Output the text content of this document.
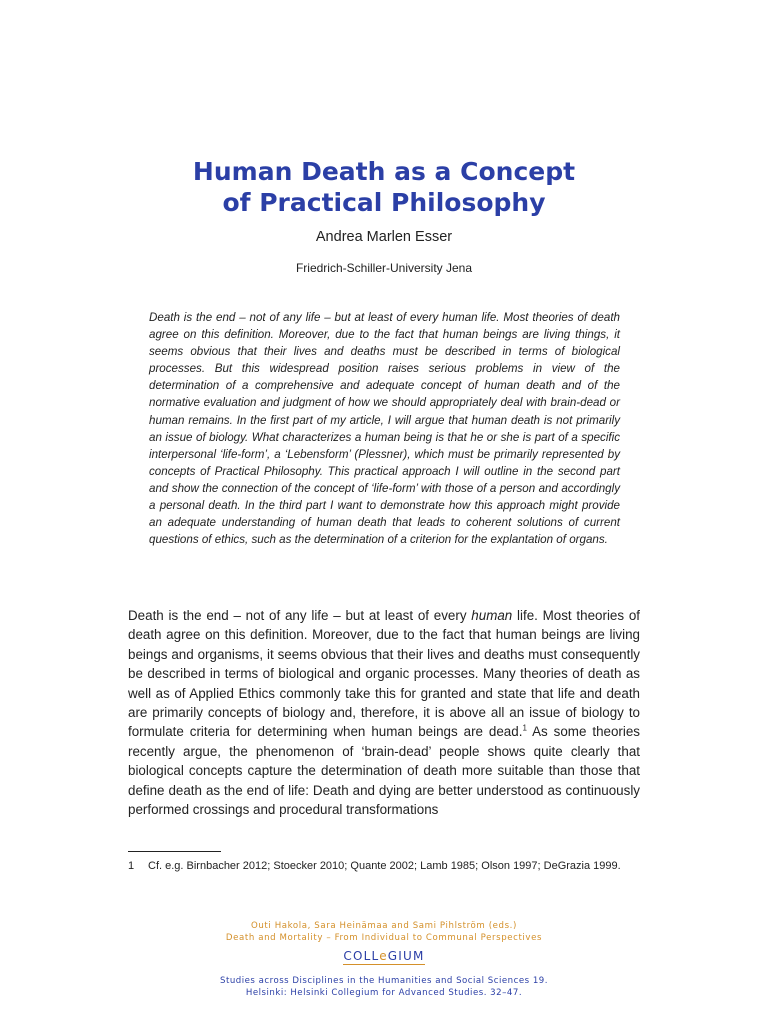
Human Death as a Concept
of Practical Philosophy
Andrea Marlen Esser
Friedrich-Schiller-University Jena

Death is the end – not of any life – but at least of every human life. Most theories of death agree on this definition. Moreover, due to the fact that human beings are living things, it seems obvious that their lives and deaths must be described in terms of biological processes. But this widespread position raises serious problems in view of the determination of a comprehensive and adequate concept of human death and of the normative evaluation and judgment of how we should appropriately deal with brain-dead or human remains. In the first part of my article, I will argue that human death is not primarily an issue of biology. What characterizes a human being is that he or she is part of a specific interpersonal ‘life-form’, a ‘Lebensform’ (Plessner), which must be primarily represented by concepts of Practical Philosophy. This practical approach I will outline in the second part and show the connection of the concept of ‘life-form’ with those of a person and accordingly a personal death. In the third part I want to demonstrate how this approach might provide an adequate understanding of human death that leads to coherent solutions of current questions of ethics, such as the determination of a criterion for the explantation of organs.

Death is the end – not of any life – but at least of every human life. Most theories of death agree on this definition. Moreover, due to the fact that human beings are living beings and organisms, it seems obvious that their lives and deaths must consequently be described in terms of biological and organic processes. Many theories of death as well as of Applied Ethics commonly take this for granted and state that life and death are primarily concepts of biology and, therefore, it is above all an issue of biology to formulate criteria for determining when human beings are dead.$^1$ As some theories recently argue, the phenomenon of ‘brain-dead’ people shows quite clearly that biological concepts capture the determination of death more suitable than those that define death as the end of life: Death and dying are better understood as continuously performed crossings and procedural transformations

1 Cf. e.g. Birnbacher 2012; Stoecker 2010; Quante 2002; Lamb 1985; Olson 1997; DeGrazia 1999.
Outi Hakola, Sara Heinämaa and Sami Pihlström (eds.)
Death and Mortality – From Individual to Communal Perspectives
COLLeGIUM
Studies across Disciplines in the Humanities and Social Sciences 19.
Helsinki: Helsinki Collegium for Advanced Studies. 32–47.
